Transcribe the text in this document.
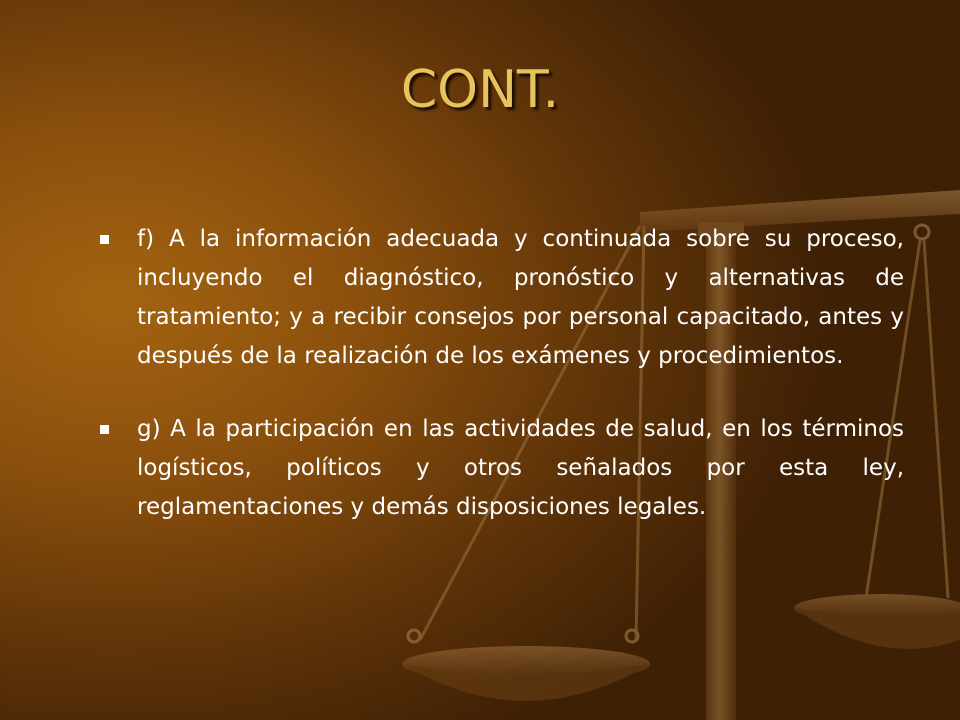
CONT.
f) A la información adecuada y continuada sobre su proceso, incluyendo el diagnóstico, pronóstico y alternativas de tratamiento; y a recibir consejos por personal capacitado, antes y después de la realización de los exámenes y procedimientos.
g) A la participación en las actividades de salud, en los términos logísticos, políticos y otros señalados por esta ley, reglamentaciones y demás disposiciones legales.
